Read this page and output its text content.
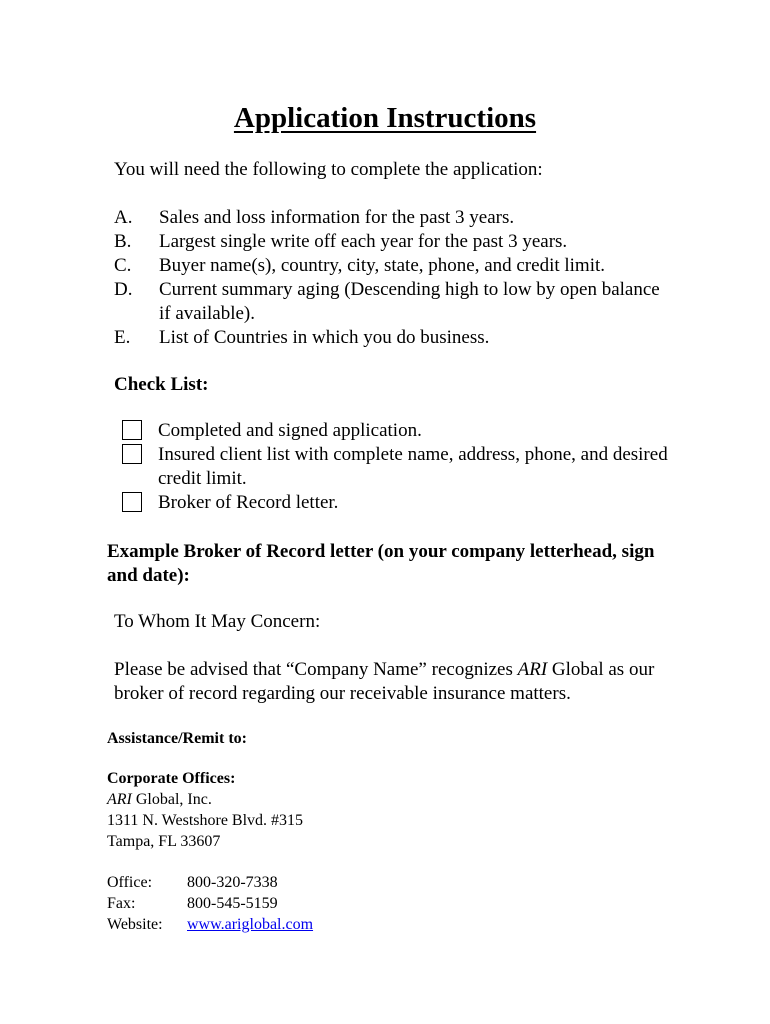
Application Instructions
You will need the following to complete the application:
A.	Sales and loss information for the past 3 years.
B.	Largest single write off each year for the past 3 years.
C.	Buyer name(s), country, city, state, phone, and credit limit.
D.	Current summary aging (Descending high to low by open balance if available).
E.	List of Countries in which you do business.
Check List:
Completed and signed application.
Insured client list with complete name, address, phone, and desired credit limit.
Broker of Record letter.
Example Broker of Record letter (on your company letterhead, sign and date):
To Whom It May Concern:
Please be advised that “Company Name” recognizes ARI Global as our broker of record regarding our receivable insurance matters.
Assistance/Remit to:
Corporate Offices:
ARI Global, Inc.
1311 N. Westshore Blvd. #315
Tampa, FL 33607
Office:	800-320-7338
Fax:	800-545-5159
Website:	www.ariglobal.com
